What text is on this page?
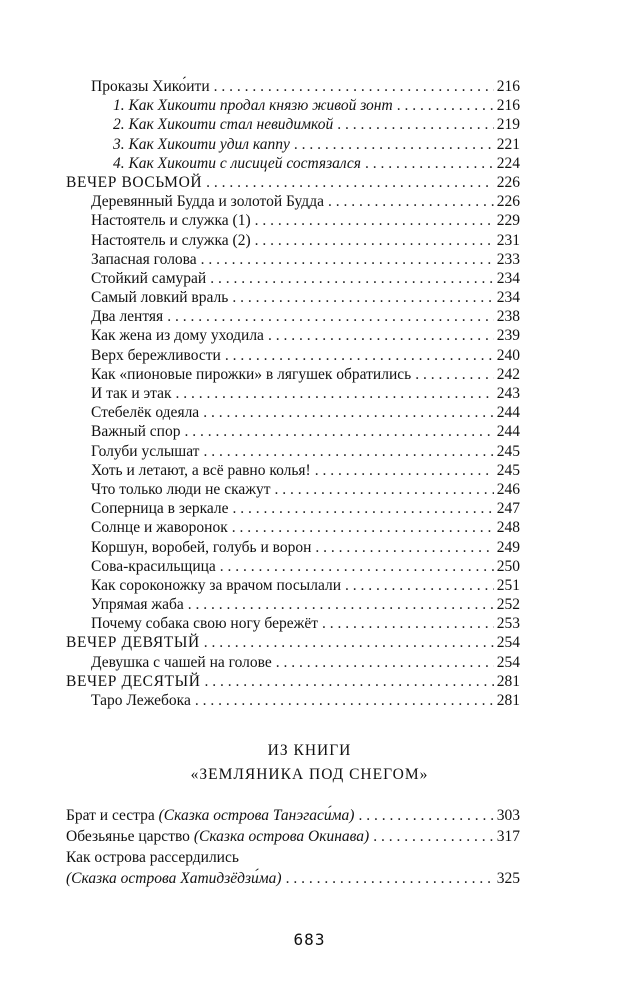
Проказы Хико́ити . . .	216
1. Как Хикоити продал князю живой зонт . . .	216
2. Как Хикоити стал невидимкой . . .	219
3. Как Хикоити удил каппу . . .	221
4. Как Хикоити с лисицей состязался . . .	224
ВЕЧЕР ВОСЬМОЙ . . .	226
Деревянный Будда и золотой Будда . . .	226
Настоятель и служка (1) . . .	229
Настоятель и служка (2) . . .	231
Запасная голова . . .	233
Стойкий самурай . . .	234
Самый ловкий враль . . .	234
Два лентяя . . .	238
Как жена из дому уходила . . .	239
Верх бережливости . . .	240
Как «пионовые пирожки» в лягушек обратились . . .	242
И так и этак . . .	243
Стебелёк одеяла . . .	244
Важный спор . . .	244
Голуби услышат . . .	245
Хоть и летают, а всё равно колья! . . .	245
Что только люди не скажут . . .	246
Соперница в зеркале . . .	247
Солнце и жаворонок . . .	248
Коршун, воробей, голубь и ворон . . .	249
Сова-красильщица . . .	250
Как сороконожку за врачом посылали . . .	251
Упрямая жаба . . .	252
Почему собака свою ногу бережёт . . .	253
ВЕЧЕР ДЕВЯТЫЙ . . .	254
Девушка с чашей на голове . . .	254
ВЕЧЕР ДЕСЯТЫЙ . . .	281
Таро Лежебока . . .	281
ИЗ КНИГИ
«ЗЕМЛЯНИКА ПОД СНЕГОМ»
Брат и сестра (Сказка острова Танэгаси́ма) . . .	303
Обезьянье царство (Сказка острова Окинава) . . .	317
Как острова рассердились
(Сказка острова Хатидзёдзи́ма) . . .	325
683
